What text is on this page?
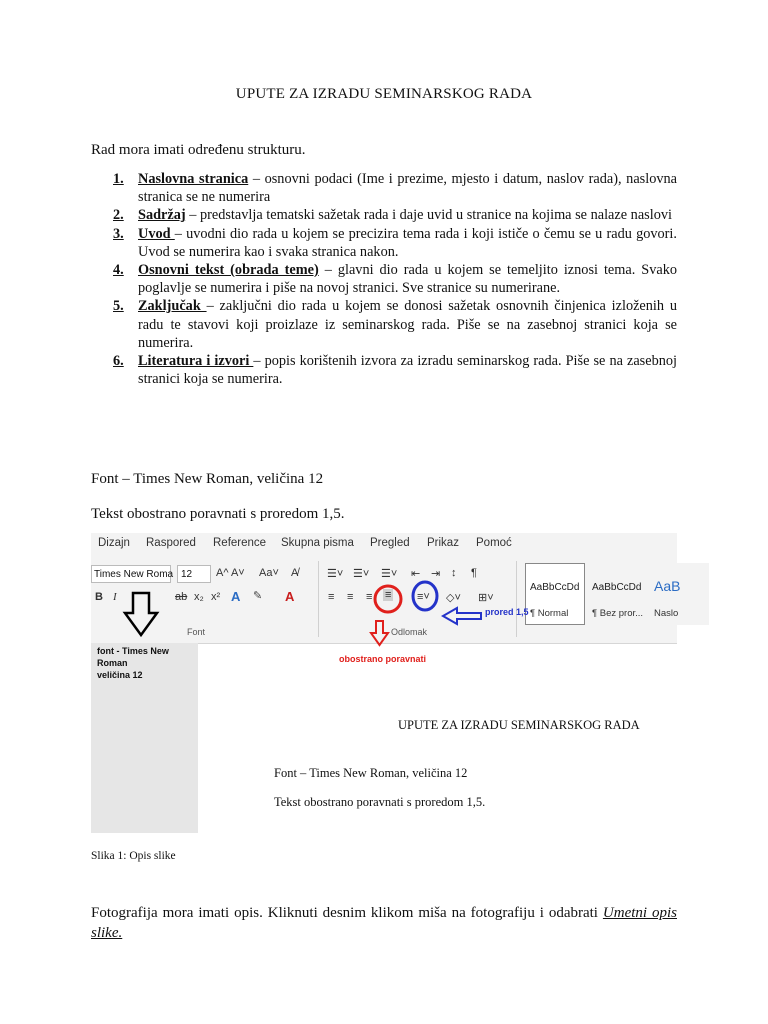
UPUTE ZA IZRADU SEMINARSKOG RADA
Rad mora imati određenu strukturu.
1. Naslovna stranica – osnovni podaci (Ime i prezime, mjesto i datum, naslov rada), naslovna stranica se ne numerira
2. Sadržaj – predstavlja tematski sažetak rada i daje uvid u stranice na kojima se nalaze naslovi
3. Uvod – uvodni dio rada u kojem se precizira tema rada i koji ističe o čemu se u radu govori. Uvod se numerira kao i svaka stranica nakon.
4. Osnovni tekst (obrada teme) – glavni dio rada u kojem se temeljito iznosi tema. Svako poglavlje se numerira i piše na novoj stranici. Sve stranice su numerirane.
5. Zaključak – zaključni dio rada u kojem se donosi sažetak osnovnih činjenica izloženih u radu te stavovi koji proizlaze iz seminarskog rada. Piše se na zasebnoj stranici koja se numerira.
6. Literatura i izvori – popis korištenih izvora za izradu seminarskog rada. Piše se na zasebnoj stranici koja se numerira.
Font – Times New Roman, veličina 12
Tekst obostrano poravnati s proredom 1,5.
Dizajn Raspored Reference Skupna pisma Pregled Prikaz Pomoć
Times New Roma 12	A^ A˅ Aa˅ A̸
B I	ab x₂ x² A ✎ A
Font
☰˅ ☰˅ ☰˅ ⇤ ⇥ ↕ ¶
≡ ≡ ≡ ≡ ≡˅ ◇˅ ⊞˅
Odlomak
AaBbCcDd
¶ Normal
AaBbCcDd
¶ Bez pror...
AaB
Naslo
font - Times New Roman
veličina 12
obostrano poravnati
prored 1,5
UPUTE ZA IZRADU SEMINARSKOG RADA
Font – Times New Roman, veličina 12
Tekst obostrano poravnati s proredom 1,5.
Slika 1: Opis slike
Fotografija mora imati opis. Kliknuti desnim klikom miša na fotografiju i odabrati Umetni opis slike.
